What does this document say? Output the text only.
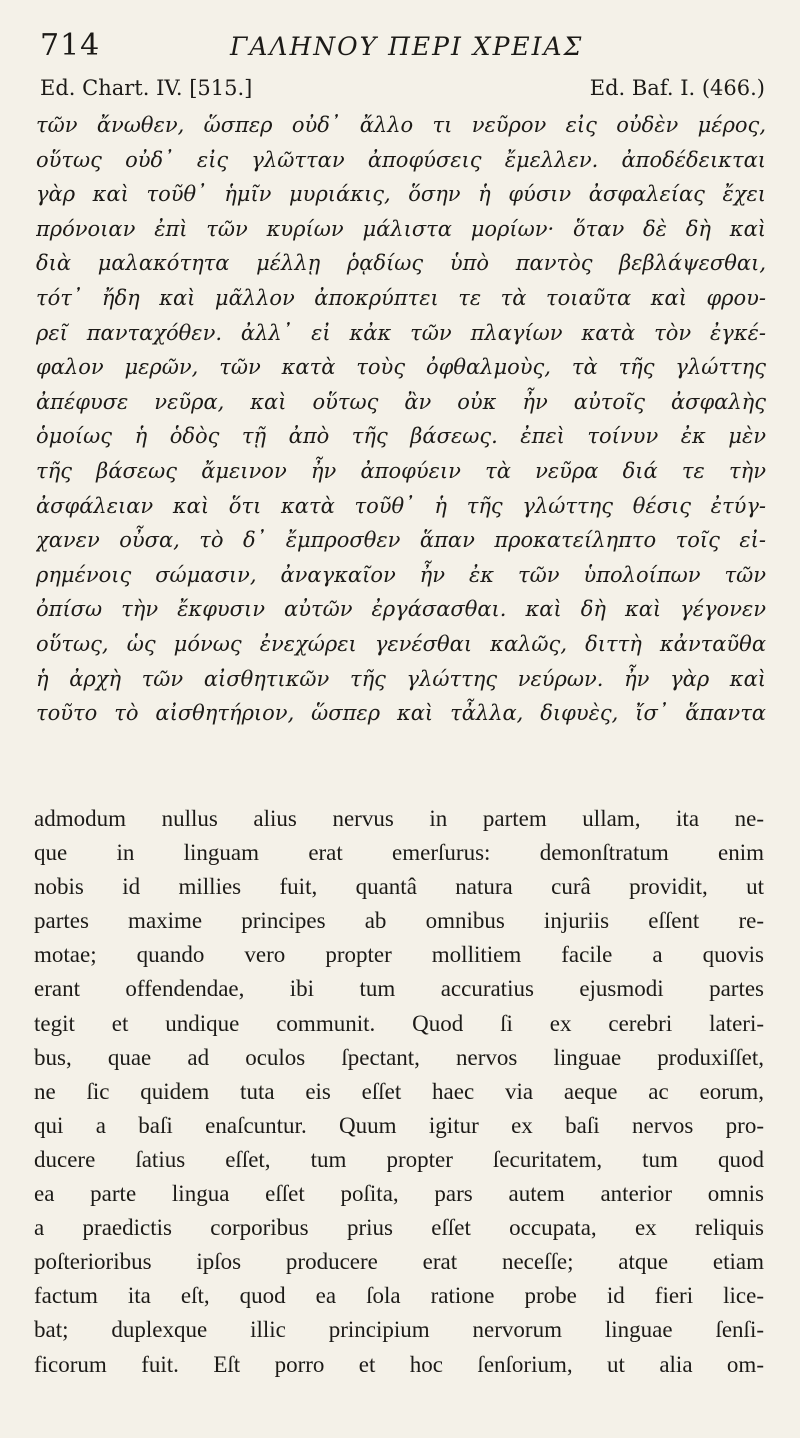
714	ΓΑΛΗΝΟΥ ΠΕΡΙ ΧΡΕΙΑΣ
Ed. Chart. IV. [515.]	Ed. Baf. I. (466.)
τῶν ἄνωθεν, ὥσπερ οὐδ᾽ ἄλλο τι νεῦρον εἰς οὐδὲν μέρος,
οὕτως οὐδ᾽ εἰς γλῶτταν ἀποφύσεις ἔμελλεν. ἀποδέδεικται
γὰρ καὶ τοῦθ᾽ ἡμῖν μυριάκις, ὅσην ἡ φύσιν ἀσφαλείας ἔχει
πρόνοιαν ἐπὶ τῶν κυρίων μάλιστα μορίων· ὅταν δὲ δὴ καὶ
διὰ μαλακότητα μέλλῃ ῥᾳδίως ὑπὸ παντὸς βεβλάψεσθαι,
τότ᾽ ἤδη καὶ μᾶλλον ἀποκρύπτει τε τὰ τοιαῦτα καὶ φρου-
ρεῖ πανταχόθεν. ἀλλ᾽ εἰ κἀκ τῶν πλαγίων κατὰ τὸν ἐγκέ-
φαλον μερῶν, τῶν κατὰ τοὺς ὀφθαλμοὺς, τὰ τῆς γλώττης
ἀπέφυσε νεῦρα, καὶ οὕτως ἂν οὐκ ἦν αὐτοῖς ἀσφαλὴς
ὁμοίως ἡ ὁδὸς τῇ ἀπὸ τῆς βάσεως. ἐπεὶ τοίνυν ἐκ μὲν
τῆς βάσεως ἄμεινον ἦν ἀποφύειν τὰ νεῦρα διά τε τὴν
ἀσφάλειαν καὶ ὅτι κατὰ τοῦθ᾽ ἡ τῆς γλώττης θέσις ἐτύγ-
χανεν οὖσα, τὸ δ᾽ ἔμπροσθεν ἅπαν προκατείληπτο τοῖς εἰ-
ρημένοις σώμασιν, ἀναγκαῖον ἦν ἐκ τῶν ὑπολοίπων τῶν
ὀπίσω τὴν ἔκφυσιν αὐτῶν ἐργάσασθαι. καὶ δὴ καὶ γέγονεν
οὕτως, ὡς μόνως ἐνεχώρει γενέσθαι καλῶς, διττὴ κἀνταῦθα
ἡ ἀρχὴ τῶν αἰσθητικῶν τῆς γλώττης νεύρων. ἦν γὰρ καὶ
τοῦτο τὸ αἰσθητήριον, ὥσπερ καὶ τἆλλα, διφυὲς, ἴσ᾽ ἅπαντα
admodum nullus alius nervus in partem ullam, ita ne-
que in linguam erat emerſurus: demonſtratum enim
nobis id millies fuit, quantâ natura curâ providit, ut
partes maxime principes ab omnibus injuriis eſſent re-
motae; quando vero propter mollitiem facile a quovis
erant offendendae, ibi tum accuratius ejusmodi partes
tegit et undique communit. Quod ſi ex cerebri lateri-
bus, quae ad oculos ſpectant, nervos linguae produxiſſet,
ne ſic quidem tuta eis eſſet haec via aeque ac eorum,
qui a baſi enaſcuntur. Quum igitur ex baſi nervos pro-
ducere ſatius eſſet, tum propter ſecuritatem, tum quod
ea parte lingua eſſet poſita, pars autem anterior omnis
a praedictis corporibus prius eſſet occupata, ex reliquis
poſterioribus ipſos producere erat neceſſe; atque etiam
factum ita eſt, quod ea ſola ratione probe id fieri lice-
bat; duplexque illic principium nervorum linguae ſenſi-
ficorum fuit. Eſt porro et hoc ſenſorium, ut alia om-
